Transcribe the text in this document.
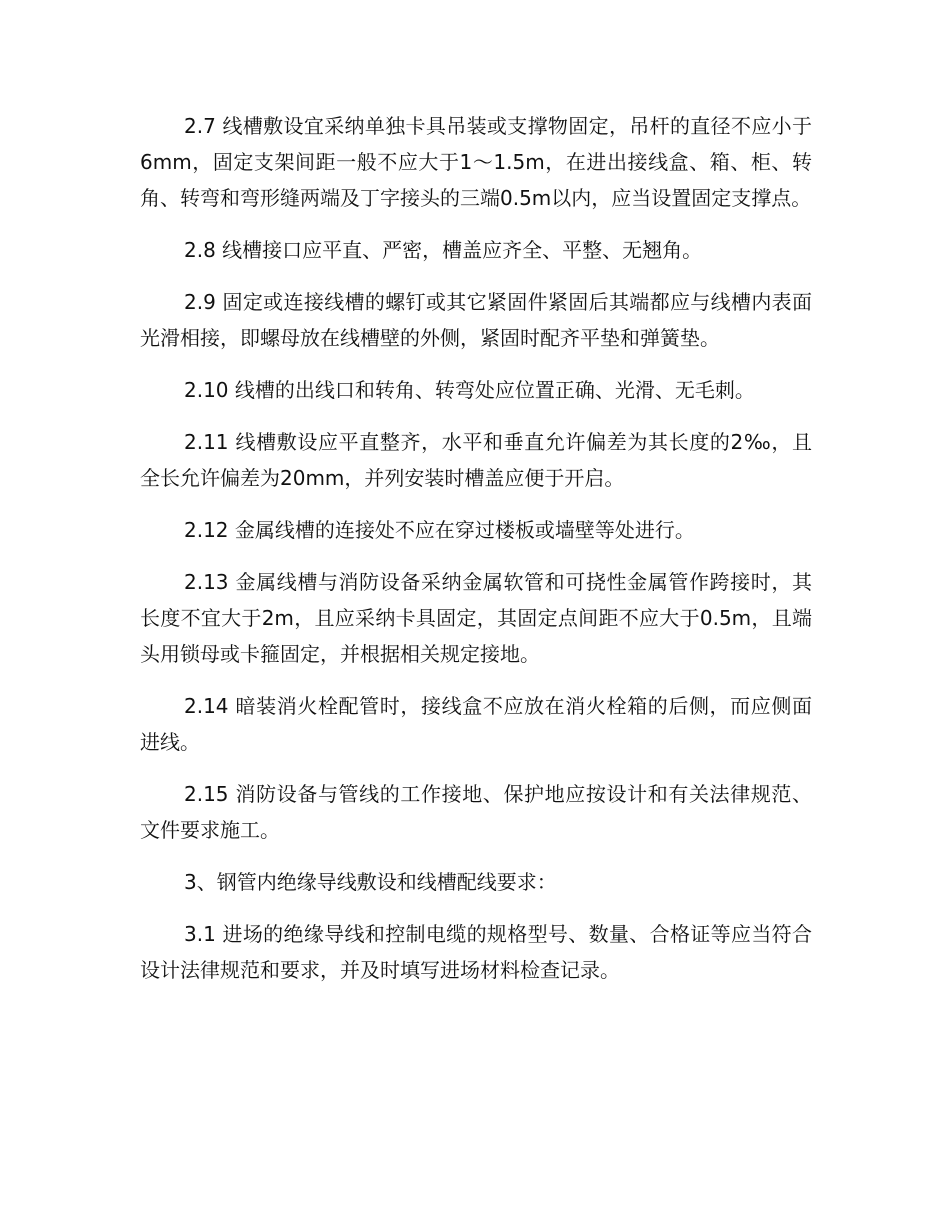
2.7 线槽敷设宜采纳单独卡具吊装或支撑物固定，吊杆的直径不应小于6mm，固定支架间距一般不应大于1～1.5m，在进出接线盒、箱、柜、转角、转弯和弯形缝两端及丁字接头的三端0.5m以内，应当设置固定支撑点。

2.8 线槽接口应平直、严密，槽盖应齐全、平整、无翘角。

2.9 固定或连接线槽的螺钉或其它紧固件紧固后其端都应与线槽内表面光滑相接，即螺母放在线槽壁的外侧，紧固时配齐平垫和弹簧垫。

2.10 线槽的出线口和转角、转弯处应位置正确、光滑、无毛刺。

2.11 线槽敷设应平直整齐，水平和垂直允许偏差为其长度的2‰，且全长允许偏差为20mm，并列安装时槽盖应便于开启。

2.12 金属线槽的连接处不应在穿过楼板或墙壁等处进行。

2.13 金属线槽与消防设备采纳金属软管和可挠性金属管作跨接时，其长度不宜大于2m，且应采纳卡具固定，其固定点间距不应大于0.5m，且端头用锁母或卡箍固定，并根据相关规定接地。

2.14 暗装消火栓配管时，接线盒不应放在消火栓箱的后侧，而应侧面进线。

2.15 消防设备与管线的工作接地、保护地应按设计和有关法律规范、文件要求施工。

3、钢管内绝缘导线敷设和线槽配线要求：

3.1 进场的绝缘导线和控制电缆的规格型号、数量、合格证等应当符合设计法律规范和要求，并及时填写进场材料检查记录。
